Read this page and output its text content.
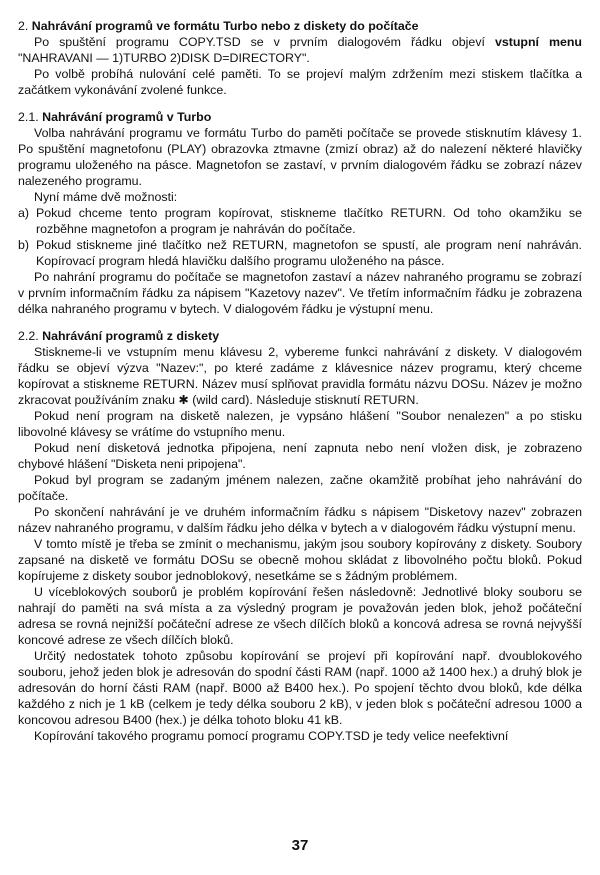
2. Nahrávání programů ve formátu Turbo nebo z diskety do počítače

Po spuštění programu COPY.TSD se v prvním dialogovém řádku objeví vstupní menu "NAHRAVANI — 1)TURBO 2)DISK D=DIRECTORY".

Po volbě probíhá nulování celé paměti. To se projeví malým zdržením mezi stiskem tlačítka a začátkem vykonávání zvolené funkce.

2.1. Nahrávání programů v Turbo

Volba nahrávání programu ve formátu Turbo do paměti počítače se provede stisknutím klávesy 1. Po spuštění magnetofonu (PLAY) obrazovka ztmavne (zmizí obraz) až do nalezení některé hlavičky programu uloženého na pásce. Magnetofon se zastaví, v prvním dialogovém řádku se zobrazí název nalezeného programu.

Nyní máme dvě možnosti:

a) Pokud chceme tento program kopírovat, stiskneme tlačítko RETURN. Od toho okamžiku se rozběhne magnetofon a program je nahráván do počítače.

b) Pokud stiskneme jiné tlačítko než RETURN, magnetofon se spustí, ale program není nahráván. Kopírovací program hledá hlavičku dalšího programu uloženého na pásce.

Po nahrání programu do počítače se magnetofon zastaví a název nahraného programu se zobrazí v prvním informačním řádku za nápisem "Kazetovy nazev". Ve třetím informačním řádku je zobrazena délka nahraného programu v bytech. V dialogovém řádku je výstupní menu.

2.2. Nahrávání programů z diskety

Stiskneme-li ve vstupním menu klávesu 2, vybereme funkci nahrávání z diskety. V dialogovém řádku se objeví výzva "Nazev:", po které zadáme z klávesnice název programu, který chceme kopírovat a stiskneme RETURN. Název musí splňovat pravidla formátu názvu DOSu. Název je možno zkracovat používáním znaku ✱ (wild card). Následuje stisknutí RETURN.

Pokud není program na disketě nalezen, je vypsáno hlášení "Soubor nenalezen" a po stisku libovolné klávesy se vrátíme do vstupního menu.

Pokud není disketová jednotka připojena, není zapnuta nebo není vložen disk, je zobrazeno chybové hlášení "Disketa neni pripojena".

Pokud byl program se zadaným jménem nalezen, začne okamžitě probíhat jeho nahrávání do počítače.

Po skončení nahrávání je ve druhém informačním řádku s nápisem "Disketovy nazev" zobrazen název nahraného programu, v dalším řádku jeho délka v bytech a v dialogovém řádku výstupní menu.

V tomto místě je třeba se zmínit o mechanismu, jakým jsou soubory kopírovány z diskety. Soubory zapsané na disketě ve formátu DOSu se obecně mohou skládat z libovolného počtu bloků. Pokud kopírujeme z diskety soubor jednoblokový, nesetkáme se s žádným problémem.

U víceblokových souborů je problém kopírování řešen následovně: Jednotlivé bloky souboru se nahrají do paměti na svá místa a za výsledný program je považován jeden blok, jehož počáteční adresa se rovná nejnižší počáteční adrese ze všech dílčích bloků a koncová adresa se rovná nejvyšší koncové adrese ze všech dílčích bloků.

Určitý nedostatek tohoto způsobu kopírování se projeví při kopírování např. dvoublokového souboru, jehož jeden blok je adresován do spodní části RAM (např. 1000 až 1400 hex.) a druhý blok je adresován do horní části RAM (např. B000 až B400 hex.). Po spojení těchto dvou bloků, kde délka každého z nich je 1 kB (celkem je tedy délka souboru 2 kB), v jeden blok s počáteční adresou 1000 a koncovou adresou B400 (hex.) je délka tohoto bloku 41 kB.

Kopírování takového programu pomocí programu COPY.TSD je tedy velice neefektivní

37
